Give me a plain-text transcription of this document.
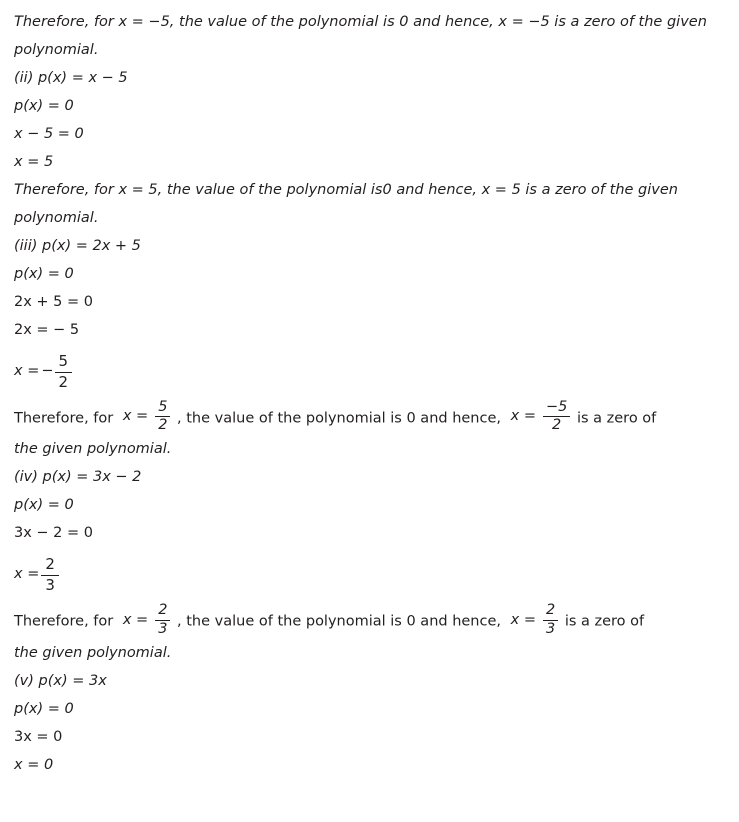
Therefore, for x = −5, the value of the polynomial is 0 and hence, x = −5 is a zero of the given polynomial.
(ii) p(x) = x − 5
p(x) = 0
x − 5 = 0
x = 5
Therefore, for x = 5, the value of the polynomial is0 and hence, x = 5 is a zero of the given polynomial.
(iii) p(x) = 2x + 5
p(x) = 0
2x + 5 = 0
2x = − 5
x = − $\frac{5}{2}$
Therefore, for $x = \frac{5}{2}$ , the value of the polynomial is 0 and hence, $x = \frac{-5}{2}$ is a zero of
the given polynomial.
(iv) p(x) = 3x − 2
p(x) = 0
3x − 2 = 0
$x = \frac{2}{3}$
Therefore, for $x = \frac{2}{3}$ , the value of the polynomial is 0 and hence, $x = \frac{2}{3}$ is a zero of
the given polynomial.
(v) p(x) = 3x
p(x) = 0
3x = 0
x = 0
